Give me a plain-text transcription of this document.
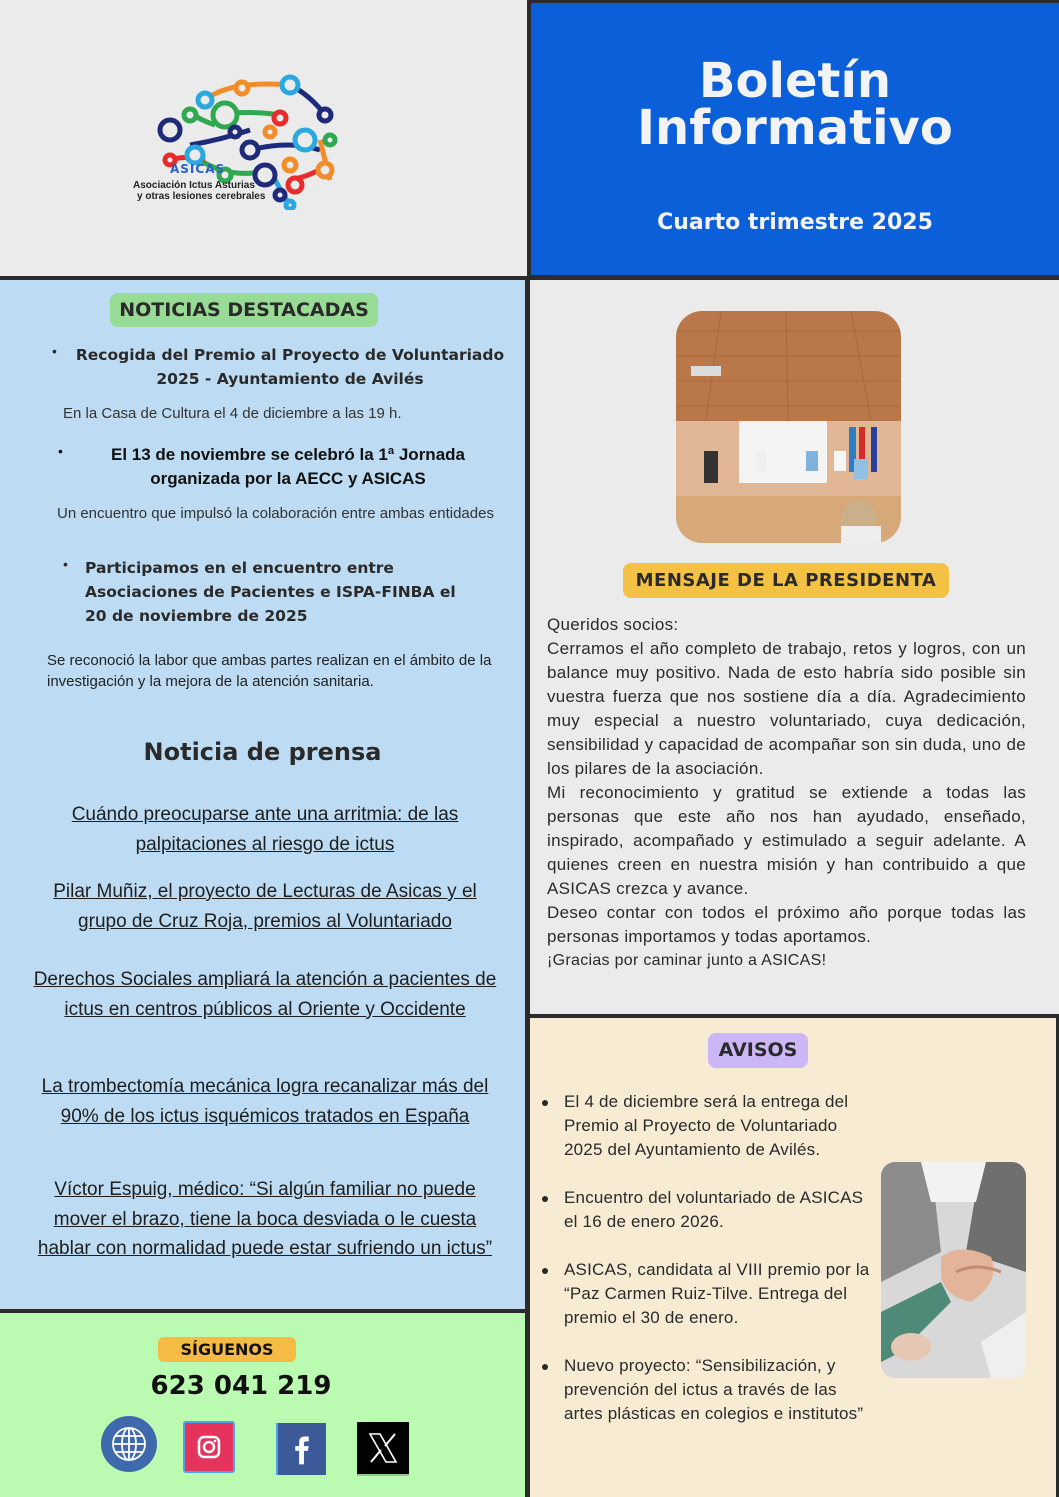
ASICAS
Asociación Ictus Asturias
y otras lesiones cerebrales
Boletín
Informativo
Cuarto trimestre 2025
NOTICIAS DESTACADAS
• Recogida del Premio al Proyecto de Voluntariado 2025 - Ayuntamiento de Avilés
En la Casa de Cultura el 4 de diciembre a las 19 h.
•	El 13 de noviembre se celebró la 1ª Jornada organizada por la AECC y ASICAS
Un encuentro que impulsó la colaboración entre ambas entidades
• Participamos en el encuentro entre Asociaciones de Pacientes e ISPA-FINBA el 20 de noviembre de 2025
Se reconoció la labor que ambas partes realizan en el ámbito de la investigación y la mejora de la atención sanitaria.
Noticia de prensa
Cuándo preocuparse ante una arritmia: de las palpitaciones al riesgo de ictus
Pilar Muñiz, el proyecto de Lecturas de Asicas y el grupo de Cruz Roja, premios al Voluntariado
Derechos Sociales ampliará la atención a pacientes de ictus en centros públicos al Oriente y Occidente
La trombectomía mecánica logra recanalizar más del 90% de los ictus isquémicos tratados en España
Víctor Espuig, médico: “Si algún familiar no puede mover el brazo, tiene la boca desviada o le cuesta hablar con normalidad puede estar sufriendo un ictus”
MENSAJE DE LA PRESIDENTA

Queridos socios:

Cerramos el año completo de trabajo, retos y logros, con un balance muy positivo. Nada de esto habría sido posible sin vuestra fuerza que nos sostiene día a día. Agradecimiento muy especial a nuestro voluntariado, cuya dedicación, sensibilidad y capacidad de acompañar son sin duda, uno de los pilares de la asociación.

Mi reconocimiento y gratitud se extiende a todas las personas que este año nos han ayudado, enseñado, inspirado, acompañado y estimulado a seguir adelante. A quienes creen en nuestra misión y han contribuido a que ASICAS crezca y avance.

Deseo contar con todos el próximo año porque todas las personas importamos y todas aportamos.

¡Gracias por caminar junto a ASICAS!

AVISOS
El 4 de diciembre será la entrega del Premio al Proyecto de Voluntariado 2025 del Ayuntamiento de Avilés.
Encuentro del voluntariado de ASICAS el 16 de enero 2026.
ASICAS, candidata al VIII premio por la “Paz Carmen Ruiz-Tilve. Entrega del premio el 30 de enero.
Nuevo proyecto: “Sensibilización, y prevención del ictus a través de las artes plásticas en colegios e institutos”
SÍGUENOS
623 041 219
